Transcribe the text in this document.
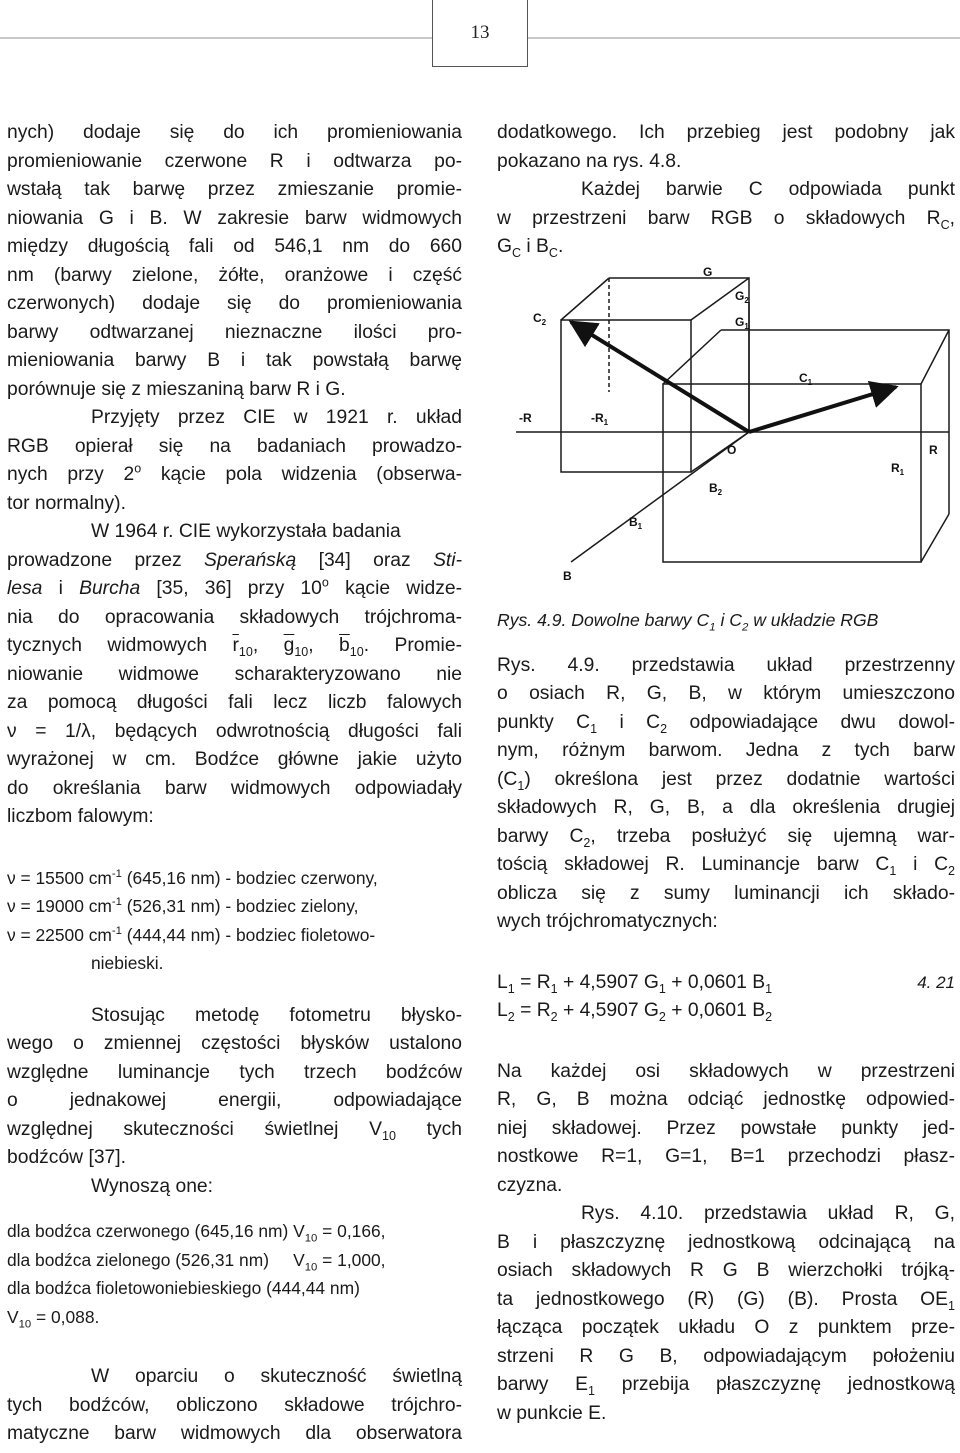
13

nych) dodaje się do ich promieniowania
promieniowanie czerwone R i odtwarza po-
wstałą tak barwę przez zmieszanie promie-
niowania G i B. W zakresie barw widmowych
między długością fali od 546,1 nm do 660
nm (barwy zielone, żółte, oranżowe i część
czerwonych) dodaje się do promieniowania
barwy odtwarzanej nieznaczne ilości pro-
mieniowania barwy B i tak powstałą barwę
porównuje się z mieszaniną barw R i G.

Przyjęty przez CIE w 1921 r. układ
RGB opierał się na badaniach prowadzo-
nych przy 2$^o$ kącie pola widzenia (obserwa-
tor normalny).

W 1964 r. CIE wykorzystała badania
prowadzone przez Sperańską [34] oraz Sti-
lesa i Burcha [35, 36] przy 10$^o$ kącie widze-
nia do opracowania składowych trójchroma-
tycznych widmowych $\overline{r}_{10}$, $\overline{g}_{10}$, $\overline{b}_{10}$. Promie-
niowanie widmowe scharakteryzowano nie
za pomocą długości fali lecz liczb falowych
ν = 1/λ, będących odwrotnością długości fali
wyrażonej w cm. Bodźce główne jakie użyto
do określania barw widmowych odpowiadały
liczbom falowym:

ν = 15500 $cm^{-1}$ (645,16 nm) - bodziec czerwony,
ν = 19000 $cm^{-1}$ (526,31 nm) - bodziec zielony,
ν = 22500 $cm^{-1}$ (444,44 nm) - bodziec fioletowo-
niebieski.

Stosując metodę fotometru błysko-
wego o zmiennej częstości błysków ustalono
względne luminancje tych trzech bodźców
o jednakowej energii, odpowiadające
względnej skuteczności świetlnej $V_{10}$ tych
bodźców [37].

Wynoszą one:

dla bodźca czerwonego (645,16 nm) $V_{10} = 0,166$,
dla bodźca zielonego (526,31 nm)     $V_{10} = 1,000$,
dla bodźca fioletowoniebieskiego (444,44 nm)
$V_{10} = 0,088$.

W oparciu o skuteczność świetlną
tych bodźców, obliczono składowe trójchro-
matyczne barw widmowych dla obserwatora

dodatkowego. Ich przebieg jest podobny jak
pokazano na rys. 4.8.

Każdej barwie C odpowiada punkt
w przestrzeni barw RGB o składowych $R_C$,
$G_C$ i $B_C$.

G
$G_2$
$G_1$
$C_2$
$C_1$
-R	$-R_1$
R
O
$R_1$
$B_2$
$B_1$
B
Rys. 4.9. Dowolne barwy $C_1$ i $C_2$ w układzie RGB

Rys. 4.9. przedstawia układ przestrzenny
o osiach R, G, B, w którym umieszczono
punkty $C_1$ i $C_2$ odpowiadające dwu dowol-
nym, różnym barwom. Jedna z tych barw
$(C_1)$ określona jest przez dodatnie wartości
składowych R, G, B, a dla określenia drugiej
barwy $C_2$, trzeba posłużyć się ujemną war-
tością składowej R. Luminancje barw $C_1$ i $C_2$
oblicza się z sumy luminancji ich składo-
wych trójchromatycznych:

$L_1 = R_1 + 4,5907$ $G_1 + 0,0601$ $B_1$	4. 21
$L_2 = R_2 + 4,5907$ $G_2 + 0,0601$ $B_2$

Na każdej osi składowych w przestrzeni
R, G, B można odciąć jednostkę odpowied-
niej składowej. Przez powstałe punkty jed-
nostkowe R=1, G=1, B=1 przechodzi płasz-
czyzna.

Rys. 4.10. przedstawia układ R, G,
B i płaszczyznę jednostkową odcinającą na
osiach składowych R G B wierzchołki trójką-
ta jednostkowego (R) (G) (B). Prosta $OE_1$
łącząca początek układu O z punktem prze-
strzeni R G B, odpowiadającym położeniu
barwy $E_1$ przebija płaszczyznę jednostkową
w punkcie E.
